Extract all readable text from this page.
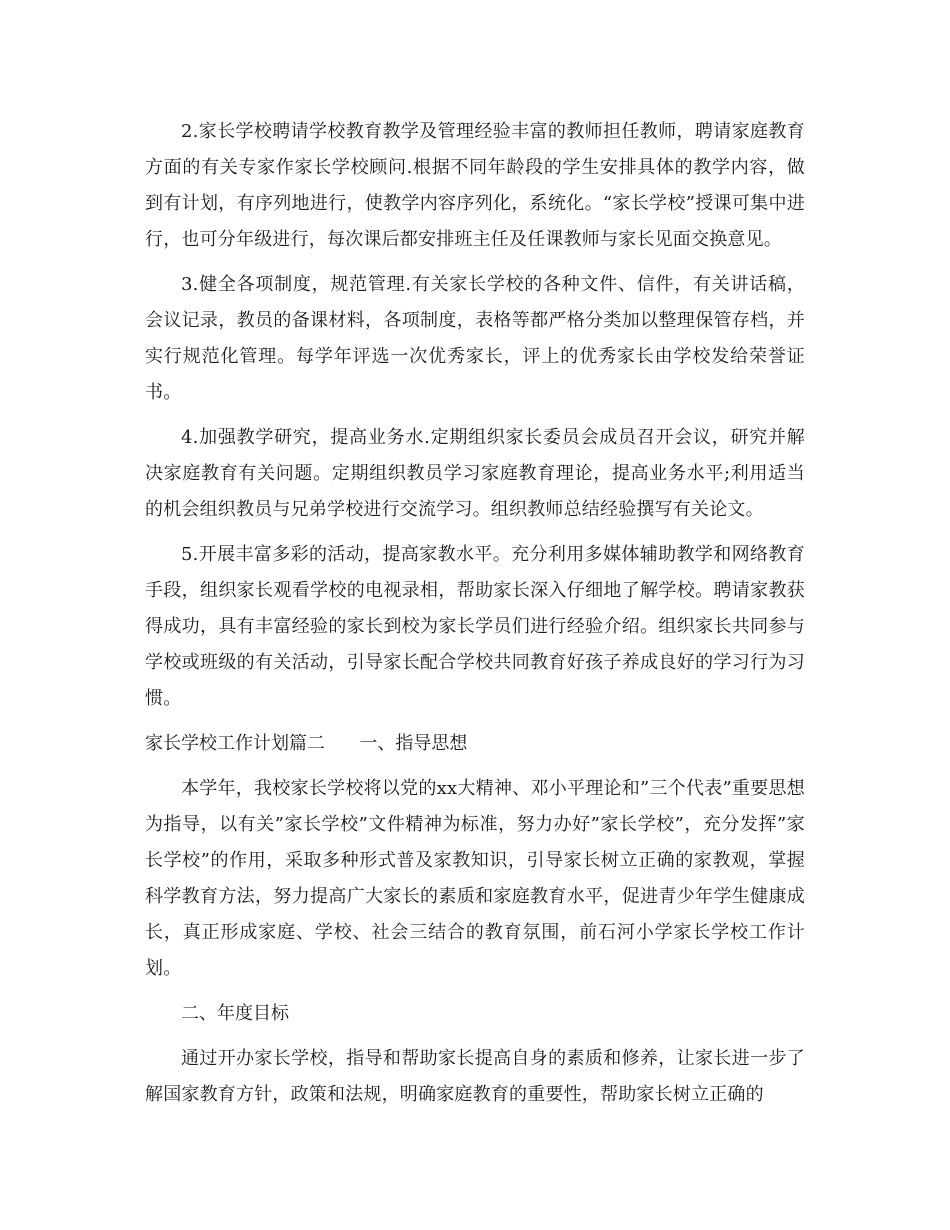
2.家长学校聘请学校教育教学及管理经验丰富的教师担任教师，聘请家庭教育方面的有关专家作家长学校顾问.根据不同年龄段的学生安排具体的教学内容，做到有计划，有序列地进行，使教学内容序列化，系统化。“家长学校”授课可集中进行，也可分年级进行，每次课后都安排班主任及任课教师与家长见面交换意见。

3.健全各项制度，规范管理.有关家长学校的各种文件、信件，有关讲话稿，会议记录，教员的备课材料，各项制度，表格等都严格分类加以整理保管存档，并实行规范化管理。每学年评选一次优秀家长，评上的优秀家长由学校发给荣誉证书。

4.加强教学研究，提高业务水.定期组织家长委员会成员召开会议，研究并解决家庭教育有关问题。定期组织教员学习家庭教育理论，提高业务水平;利用适当的机会组织教员与兄弟学校进行交流学习。组织教师总结经验撰写有关论文。

5.开展丰富多彩的活动，提高家教水平。充分利用多媒体辅助教学和网络教育手段，组织家长观看学校的电视录相，帮助家长深入仔细地了解学校。聘请家教获得成功，具有丰富经验的家长到校为家长学员们进行经验介绍。组织家长共同参与学校或班级的有关活动，引导家长配合学校共同教育好孩子养成良好的学习行为习惯。

家长学校工作计划篇二      一、指导思想

本学年，我校家长学校将以党的xx大精神、邓小平理论和”三个代表”重要思想为指导，以有关”家长学校”文件精神为标准，努力办好”家长学校”，充分发挥”家长学校”的作用，采取多种形式普及家教知识，引导家长树立正确的家教观，掌握科学教育方法，努力提高广大家长的素质和家庭教育水平，促进青少年学生健康成长，真正形成家庭、学校、社会三结合的教育氛围，前石河小学家长学校工作计划。

二、年度目标

通过开办家长学校，指导和帮助家长提高自身的素质和修养，让家长进一步了解国家教育方针，政策和法规，明确家庭教育的重要性，帮助家长树立正确的
